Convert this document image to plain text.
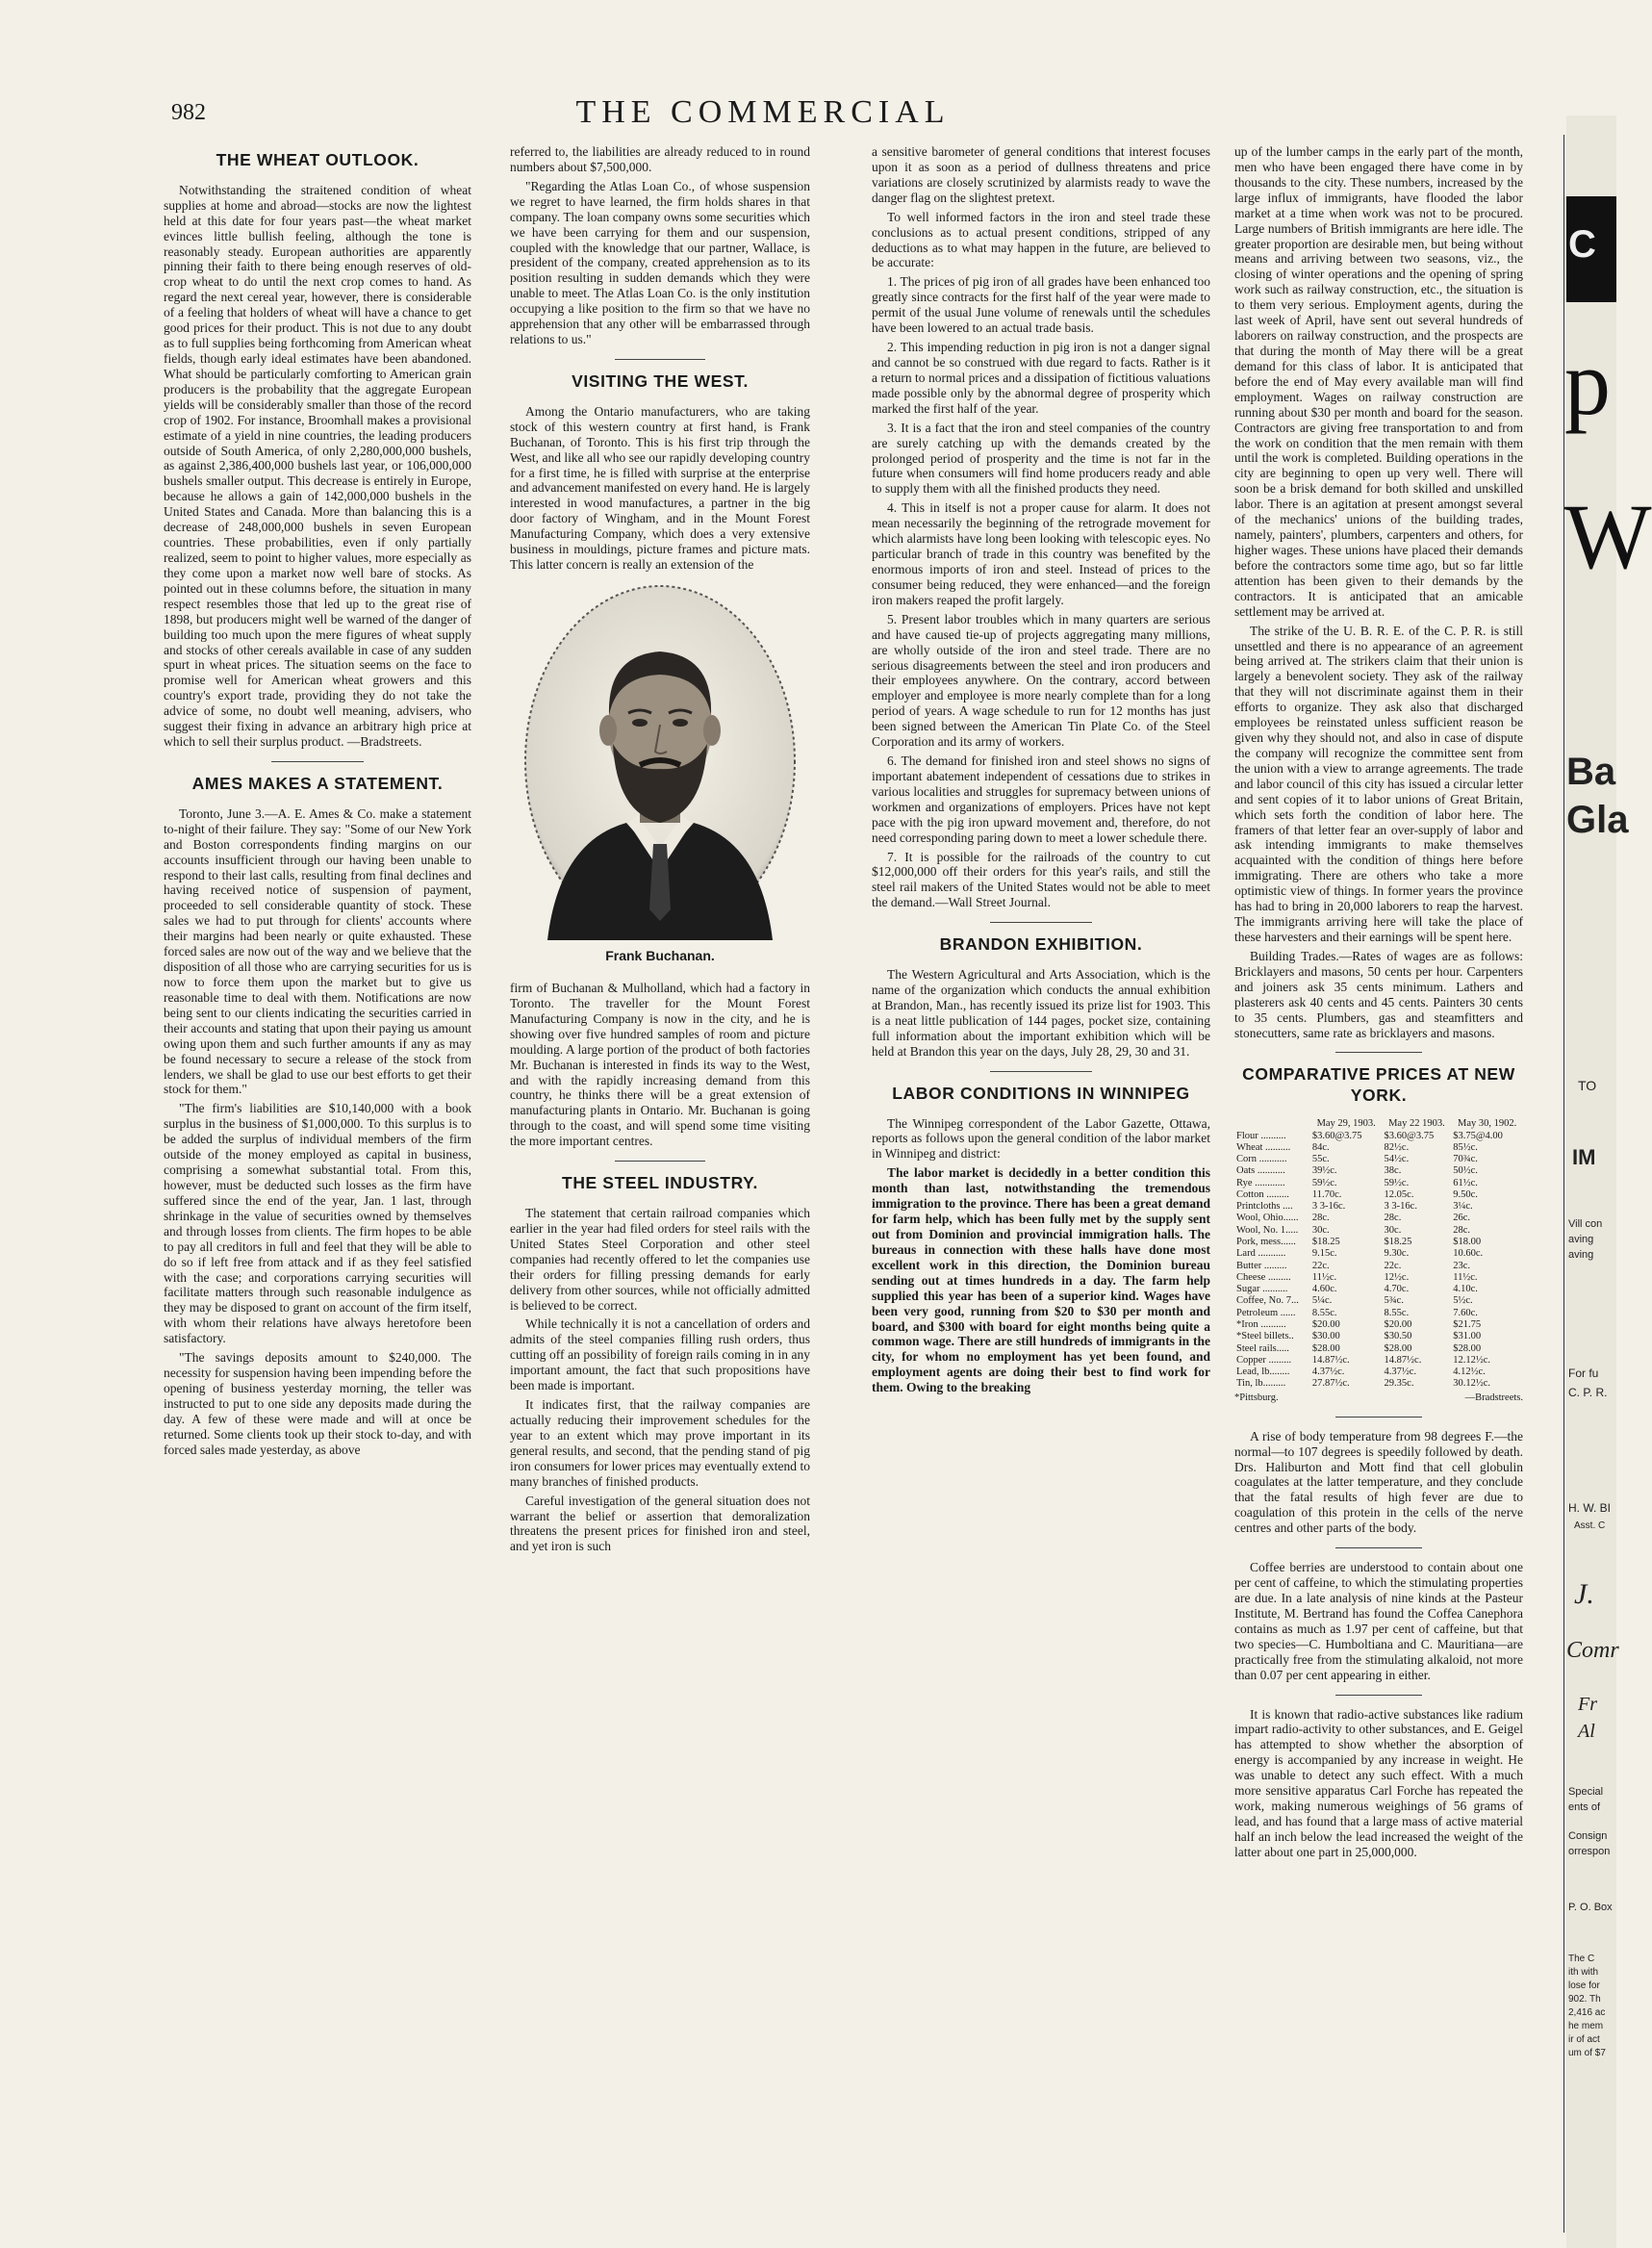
982	THE COMMERCIAL
THE WHEAT OUTLOOK.

Notwithstanding the straitened condition of wheat supplies at home and abroad—stocks are now the lightest held at this date for four years past—the wheat market evinces little bullish feeling, although the tone is reasonably steady. European authorities are apparently pinning their faith to there being enough reserves of old-crop wheat to do until the next crop comes to hand. As regard the next cereal year, however, there is considerable of a feeling that holders of wheat will have a chance to get good prices for their product. This is not due to any doubt as to full supplies being forthcoming from American wheat fields, though early ideal estimates have been abandoned. What should be particularly comforting to American grain producers is the probability that the aggregate European yields will be considerably smaller than those of the record crop of 1902. For instance, Broomhall makes a provisional estimate of a yield in nine countries, the leading producers outside of South America, of only 2,280,000,000 bushels, as against 2,386,400,000 bushels last year, or 106,000,000 bushels smaller output. This decrease is entirely in Europe, because he allows a gain of 142,000,000 bushels in the United States and Canada. More than balancing this is a decrease of 248,000,000 bushels in seven European countries. These probabilities, even if only partially realized, seem to point to higher values, more especially as they come upon a market now well bare of stocks. As pointed out in these columns before, the situation in many respect resembles those that led up to the great rise of 1898, but producers might well be warned of the danger of building too much upon the mere figures of wheat supply and stocks of other cereals available in case of any sudden spurt in wheat prices. The situation seems on the face to promise well for American wheat growers and this country's export trade, providing they do not take the advice of some, no doubt well meaning, advisers, who suggest their fixing in advance an arbitrary high price at which to sell their surplus product. —Bradstreets.

AMES MAKES A STATEMENT.

Toronto, June 3.—A. E. Ames & Co. make a statement to-night of their failure. They say: "Some of our New York and Boston correspondents finding margins on our accounts insufficient through our having been unable to respond to their last calls, resulting from final declines and having received notice of suspension of payment, proceeded to sell considerable quantity of stock. These sales we had to put through for clients' accounts where their margins had been nearly or quite exhausted. These forced sales are now out of the way and we believe that the disposition of all those who are carrying securities for us is now to force them upon the market but to give us reasonable time to deal with them. Notifications are now being sent to our clients indicating the securities carried in their accounts and stating that upon their paying us amount owing upon them and such further amounts if any as may be found necessary to secure a release of the stock from lenders, we shall be glad to use our best efforts to get their stock for them."

"The firm's liabilities are $10,140,000 with a book surplus in the business of $1,000,000. To this surplus is to be added the surplus of individual members of the firm outside of the money employed as capital in business, comprising a somewhat substantial total. From this, however, must be deducted such losses as the firm have suffered since the end of the year, Jan. 1 last, through shrinkage in the value of securities owned by themselves and through losses from clients. The firm hopes to be able to pay all creditors in full and feel that they will be able to do so if left free from attack and if as they feel satisfied with the case; and corporations carrying securities will facilitate matters through such reasonable indulgence as they may be disposed to grant on account of the firm itself, with whom their relations have always heretofore been satisfactory.

"The savings deposits amount to $240,000. The necessity for suspension having been impending before the opening of business yesterday morning, the teller was instructed to put to one side any deposits made during the day. A few of these were made and will at once be returned. Some clients took up their stock to-day, and with forced sales made yesterday, as above

referred to, the liabilities are already reduced to in round numbers about $7,500,000.

"Regarding the Atlas Loan Co., of whose suspension we regret to have learned, the firm holds shares in that company. The loan company owns some securities which we have been carrying for them and our suspension, coupled with the knowledge that our partner, Wallace, is president of the company, created apprehension as to its position resulting in sudden demands which they were unable to meet. The Atlas Loan Co. is the only institution occupying a like position to the firm so that we have no apprehension that any other will be embarrassed through relations to us."

VISITING THE WEST.

Among the Ontario manufacturers, who are taking stock of this western country at first hand, is Frank Buchanan, of Toronto. This is his first trip through the West, and like all who see our rapidly developing country for a first time, he is filled with surprise at the enterprise and advancement manifested on every hand. He is largely interested in wood manufactures, a partner in the big door factory of Wingham, and in the Mount Forest Manufacturing Company, which does a very extensive business in mouldings, picture frames and picture mats. This latter concern is really an extension of the

Frank Buchanan.

firm of Buchanan & Mulholland, which had a factory in Toronto. The traveller for the Mount Forest Manufacturing Company is now in the city, and he is showing over five hundred samples of room and picture moulding. A large portion of the product of both factories Mr. Buchanan is interested in finds its way to the West, and with the rapidly increasing demand from this country, he thinks there will be a great extension of manufacturing plants in Ontario. Mr. Buchanan is going through to the coast, and will spend some time visiting the more important centres.

THE STEEL INDUSTRY.

The statement that certain railroad companies which earlier in the year had filed orders for steel rails with the United States Steel Corporation and other steel companies had recently offered to let the companies use their orders for filling pressing demands for early delivery from other sources, while not officially admitted is believed to be correct.

While technically it is not a cancellation of orders and admits of the steel companies filling rush orders, thus cutting off an possibility of foreign rails coming in in any important amount, the fact that such propositions have been made is important.

It indicates first, that the railway companies are actually reducing their improvement schedules for the year to an extent which may prove important in its general results, and second, that the pending stand of pig iron consumers for lower prices may eventually extend to many branches of finished products.

Careful investigation of the general situation does not warrant the belief or assertion that demoralization threatens the present prices for finished iron and steel, and yet iron is such

a sensitive barometer of general conditions that interest focuses upon it as soon as a period of dullness threatens and price variations are closely scrutinized by alarmists ready to wave the danger flag on the slightest pretext.

To well informed factors in the iron and steel trade these conclusions as to actual present conditions, stripped of any deductions as to what may happen in the future, are believed to be accurate:

1. The prices of pig iron of all grades have been enhanced too greatly since contracts for the first half of the year were made to permit of the usual June volume of renewals until the schedules have been lowered to an actual trade basis.

2. This impending reduction in pig iron is not a danger signal and cannot be so construed with due regard to facts. Rather is it a return to normal prices and a dissipation of fictitious valuations made possible only by the abnormal degree of prosperity which marked the first half of the year.

3. It is a fact that the iron and steel companies of the country are surely catching up with the demands created by the prolonged period of prosperity and the time is not far in the future when consumers will find home producers ready and able to supply them with all the finished products they need.

4. This in itself is not a proper cause for alarm. It does not mean necessarily the beginning of the retrograde movement for which alarmists have long been looking with telescopic eyes. No particular branch of trade in this country was benefited by the enormous imports of iron and steel. Instead of prices to the consumer being reduced, they were enhanced—and the foreign iron makers reaped the profit largely.

5. Present labor troubles which in many quarters are serious and have caused tie-up of projects aggregating many millions, are wholly outside of the iron and steel trade. There are no serious disagreements between the steel and iron producers and their employees anywhere. On the contrary, accord between employer and employee is more nearly complete than for a long period of years. A wage schedule to run for 12 months has just been signed between the American Tin Plate Co. of the Steel Corporation and its army of workers.

6. The demand for finished iron and steel shows no signs of important abatement independent of cessations due to strikes in various localities and struggles for supremacy between unions of workmen and organizations of employers. Prices have not kept pace with the pig iron upward movement and, therefore, do not need corresponding paring down to meet a lower schedule there.

7. It is possible for the railroads of the country to cut $12,000,000 off their orders for this year's rails, and still the steel rail makers of the United States would not be able to meet the demand.—Wall Street Journal.

BRANDON EXHIBITION.

The Western Agricultural and Arts Association, which is the name of the organization which conducts the annual exhibition at Brandon, Man., has recently issued its prize list for 1903. This is a neat little publication of 144 pages, pocket size, containing full information about the important exhibition which will be held at Brandon this year on the days, July 28, 29, 30 and 31.

LABOR CONDITIONS IN WINNIPEG

The Winnipeg correspondent of the Labor Gazette, Ottawa, reports as follows upon the general condition of the labor market in Winnipeg and district:

The labor market is decidedly in a better condition this month than last, notwithstanding the tremendous immigration to the province. There has been a great demand for farm help, which has been fully met by the supply sent out from Dominion and provincial immigration halls. The bureaus in connection with these halls have done most excellent work in this direction, the Dominion bureau sending out at times hundreds in a day. The farm help supplied this year has been of a superior kind. Wages have been very good, running from $20 to $30 per month and board, and $300 with board for eight months being quite a common wage. There are still hundreds of immigrants in the city, for whom no employment has yet been found, and employment agents are doing their best to find work for them. Owing to the breaking

up of the lumber camps in the early part of the month, men who have been engaged there have come in by thousands to the city. These numbers, increased by the large influx of immigrants, have flooded the labor market at a time when work was not to be procured. Large numbers of British immigrants are here idle. The greater proportion are desirable men, but being without means and arriving between two seasons, viz., the closing of winter operations and the opening of spring work such as railway construction, etc., the situation is to them very serious. Employment agents, during the last week of April, have sent out several hundreds of laborers on railway construction, and the prospects are that during the month of May there will be a great demand for this class of labor. It is anticipated that before the end of May every available man will find employment. Wages on railway construction are running about $30 per month and board for the season. Contractors are giving free transportation to and from the work on condition that the men remain with them until the work is completed. Building operations in the city are beginning to open up very well. There will soon be a brisk demand for both skilled and unskilled labor. There is an agitation at present amongst several of the mechanics' unions of the building trades, namely, painters', plumbers, carpenters and others, for higher wages. These unions have placed their demands before the contractors some time ago, but so far little attention has been given to their demands by the contractors. It is anticipated that an amicable settlement may be arrived at.

The strike of the U. B. R. E. of the C. P. R. is still unsettled and there is no appearance of an agreement being arrived at. The strikers claim that their union is largely a benevolent society. They ask of the railway that they will not discriminate against them in their efforts to organize. They ask also that discharged employees be reinstated unless sufficient reason be given why they should not, and also in case of dispute the company will recognize the committee sent from the union with a view to arrange agreements. The trade and labor council of this city has issued a circular letter and sent copies of it to labor unions of Great Britain, which sets forth the condition of labor here. The framers of that letter fear an over-supply of labor and ask intending immigrants to make themselves acquainted with the condition of things here before immigrating. There are others who take a more optimistic view of things. In former years the province has had to bring in 20,000 laborers to reap the harvest. The immigrants arriving here will take the place of these harvesters and their earnings will be spent here.

Building Trades.—Rates of wages are as follows: Bricklayers and masons, 50 cents per hour. Carpenters and joiners ask 35 cents minimum. Lathers and plasterers ask 40 cents and 45 cents. Painters 30 cents to 35 cents. Plumbers, gas and steamfitters and stonecutters, same rate as bricklayers and masons.

COMPARATIVE PRICES AT NEW YORK.
	May 29, 1903.	May 22 1903.	May 30, 1902.
Flour ..........	$3.60@3.75	$3.60@3.75	$3.75@4.00
Wheat ..........	84c.	82½c.	85½c.
Corn ...........	55c.	54½c.	70¾c.
Oats ...........	39½c.	38c.	50½c.
Rye ............	59½c.	59½c.	61½c.
Cotton .........	11.70c.	12.05c.	9.50c.
Printcloths ....	3 3-16c.	3 3-16c.	3¼c.
Wool, Ohio......	28c.	28c.	26c.
Wool, No. 1.....	30c.	30c.	28c.
Pork, mess......	$18.25	$18.25	$18.00
Lard ...........	9.15c.	9.30c.	10.60c.
Butter .........	22c.	22c.	23c.
Cheese .........	11½c.	12½c.	11½c.
Sugar ..........	4.60c.	4.70c.	4.10c.
Coffee, No. 7...	5¼c.	5¾c.	5½c.
Petroleum ......	8.55c.	8.55c.	7.60c.
*Iron ..........	$20.00	$20.00	$21.75
*Steel billets..	$30.00	$30.50	$31.00
Steel rails.....	$28.00	$28.00	$28.00
Copper .........	14.87½c.	14.87½c.	12.12½c.
Lead, lb........	4.37½c.	4.37½c.	4.12½c.
Tin, lb.........	27.87½c.	29.35c.	30.12½c.
*Pittsburg.	—Bradstreets.

A rise of body temperature from 98 degrees F.—the normal—to 107 degrees is speedily followed by death. Drs. Haliburton and Mott find that cell globulin coagulates at the latter temperature, and they conclude that the fatal results of high fever are due to coagulation of this protein in the cells of the nerve centres and other parts of the body.

Coffee berries are understood to contain about one per cent of caffeine, to which the stimulating properties are due. In a late analysis of nine kinds at the Pasteur Institute, M. Bertrand has found the Coffea Canephora contains as much as 1.97 per cent of caffeine, but that two species—C. Humboltiana and C. Mauritiana—are practically free from the stimulating alkaloid, not more than 0.07 per cent appearing in either.

It is known that radio-active substances like radium impart radio-activity to other substances, and E. Geigel has attempted to show whether the absorption of energy is accompanied by any increase in weight. He was unable to detect any such effect. With a much more sensitive apparatus Carl Forche has repeated the work, making numerous weighings of 56 grams of lead, and has found that a large mass of active material half an inch below the lead increased the weight of the latter about one part in 25,000,000.

C
p
W
Ba
Gla
TO
IM
Vill con
aving
aving
For fu
C. P. R.
H. W. BI
Asst. C
J.
Comr
Fr
Al
Special
ents of
Consign
orrespon
P. O. Box
The C
ith with
lose for
902. Th
2,416 ac
he mem
ir of act
um of $7
